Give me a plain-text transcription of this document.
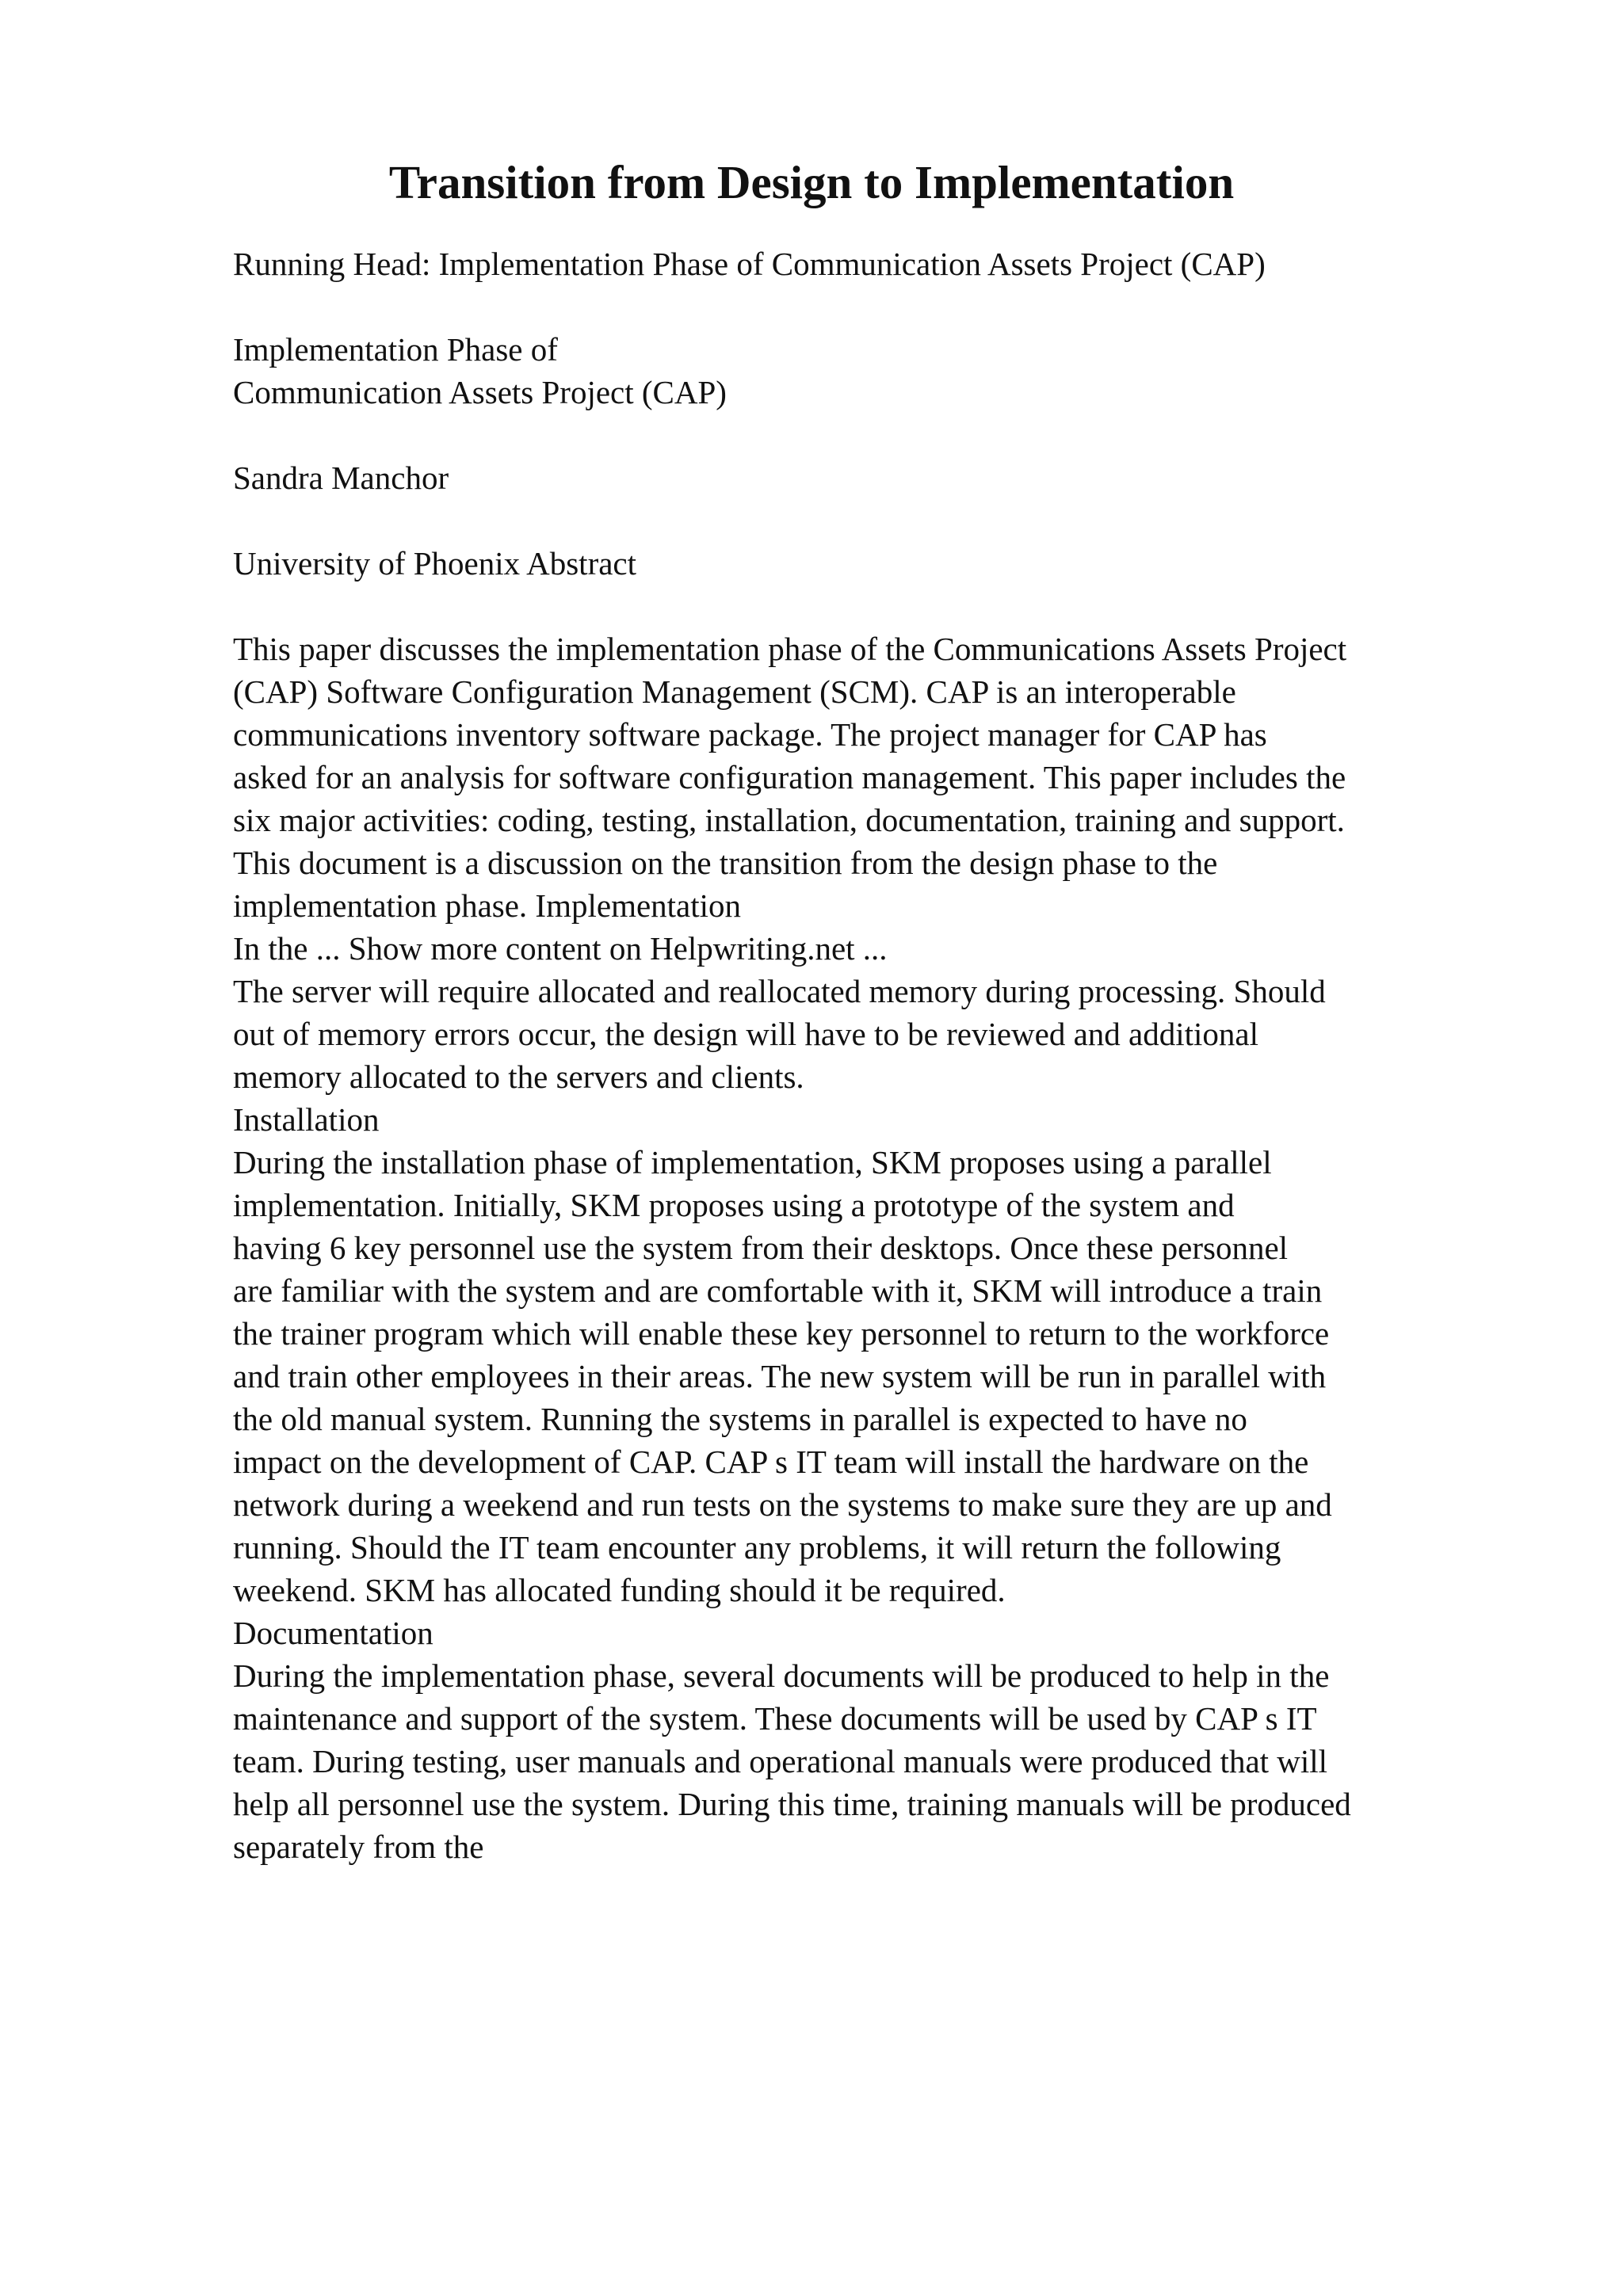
Transition from Design to Implementation
Running Head: Implementation Phase of Communication Assets Project (CAP)
Implementation Phase of
Communication Assets Project (CAP)
Sandra Manchor
University of Phoenix Abstract
This paper discusses the implementation phase of the Communications Assets Project
(CAP) Software Configuration Management (SCM). CAP is an interoperable
communications inventory software package. The project manager for CAP has
asked for an analysis for software configuration management. This paper includes the
six major activities: coding, testing, installation, documentation, training and support.
This document is a discussion on the transition from the design phase to the
implementation phase. Implementation
In the ... Show more content on Helpwriting.net ...
The server will require allocated and reallocated memory during processing. Should
out of memory errors occur, the design will have to be reviewed and additional
memory allocated to the servers and clients.
Installation
During the installation phase of implementation, SKM proposes using a parallel
implementation. Initially, SKM proposes using a prototype of the system and
having 6 key personnel use the system from their desktops. Once these personnel
are familiar with the system and are comfortable with it, SKM will introduce a train
the trainer program which will enable these key personnel to return to the workforce
and train other employees in their areas. The new system will be run in parallel with
the old manual system. Running the systems in parallel is expected to have no
impact on the development of CAP. CAP s IT team will install the hardware on the
network during a weekend and run tests on the systems to make sure they are up and
running. Should the IT team encounter any problems, it will return the following
weekend. SKM has allocated funding should it be required.
Documentation
During the implementation phase, several documents will be produced to help in the
maintenance and support of the system. These documents will be used by CAP s IT
team. During testing, user manuals and operational manuals were produced that will
help all personnel use the system. During this time, training manuals will be produced
separately from the
